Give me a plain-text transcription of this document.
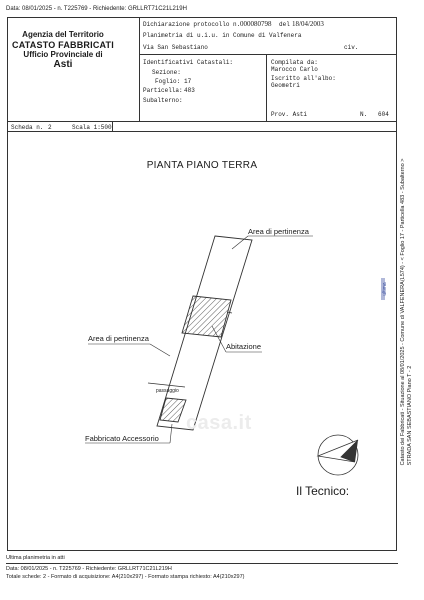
Data: 08/01/2025 - n. T225769 - Richiedente: GRLLRT71C21L219H
Agenzia del Territorio
CATASTO FABBRICATI
Ufficio Provinciale di
Asti
Dichiarazione protocollo n. 000080798 del 18/04/2003
Planimetria di u.i.u. in Comune di Valfenera
Via San Sebastiano	civ.
Identificativi Catastali:
Sezione:
Foglio: 17
Particella: 483
Subalterno:
Compilata da:
Marocco Carlo
Iscritto all'albo:
Geometri
Prov. Asti	N. 604
Scheda n. 2	Scala 1:500
PIANTA PIANO TERRA
Area di pertinenza
Area di pertinenza
Abitazione
passaggio
Fabbricato Accessorio
casa.it
Il Tecnico:
Catasto dei Fabbricati - Situazione al 08/01/2025 - Comune di VALFENERA(L574) - < Foglio 17 - Particella 483 - Subalterno > STRADA SAN SEBASTIANO Piano T - 2
ultima
Ultima planimetria in atti
Data: 08/01/2025 - n. T225769 - Richiedente: GRLLRT71C21L219H
Totale schede: 2 - Formato di acquisizione: A4(210x297) - Formato stampa richiesto: A4(210x297)
